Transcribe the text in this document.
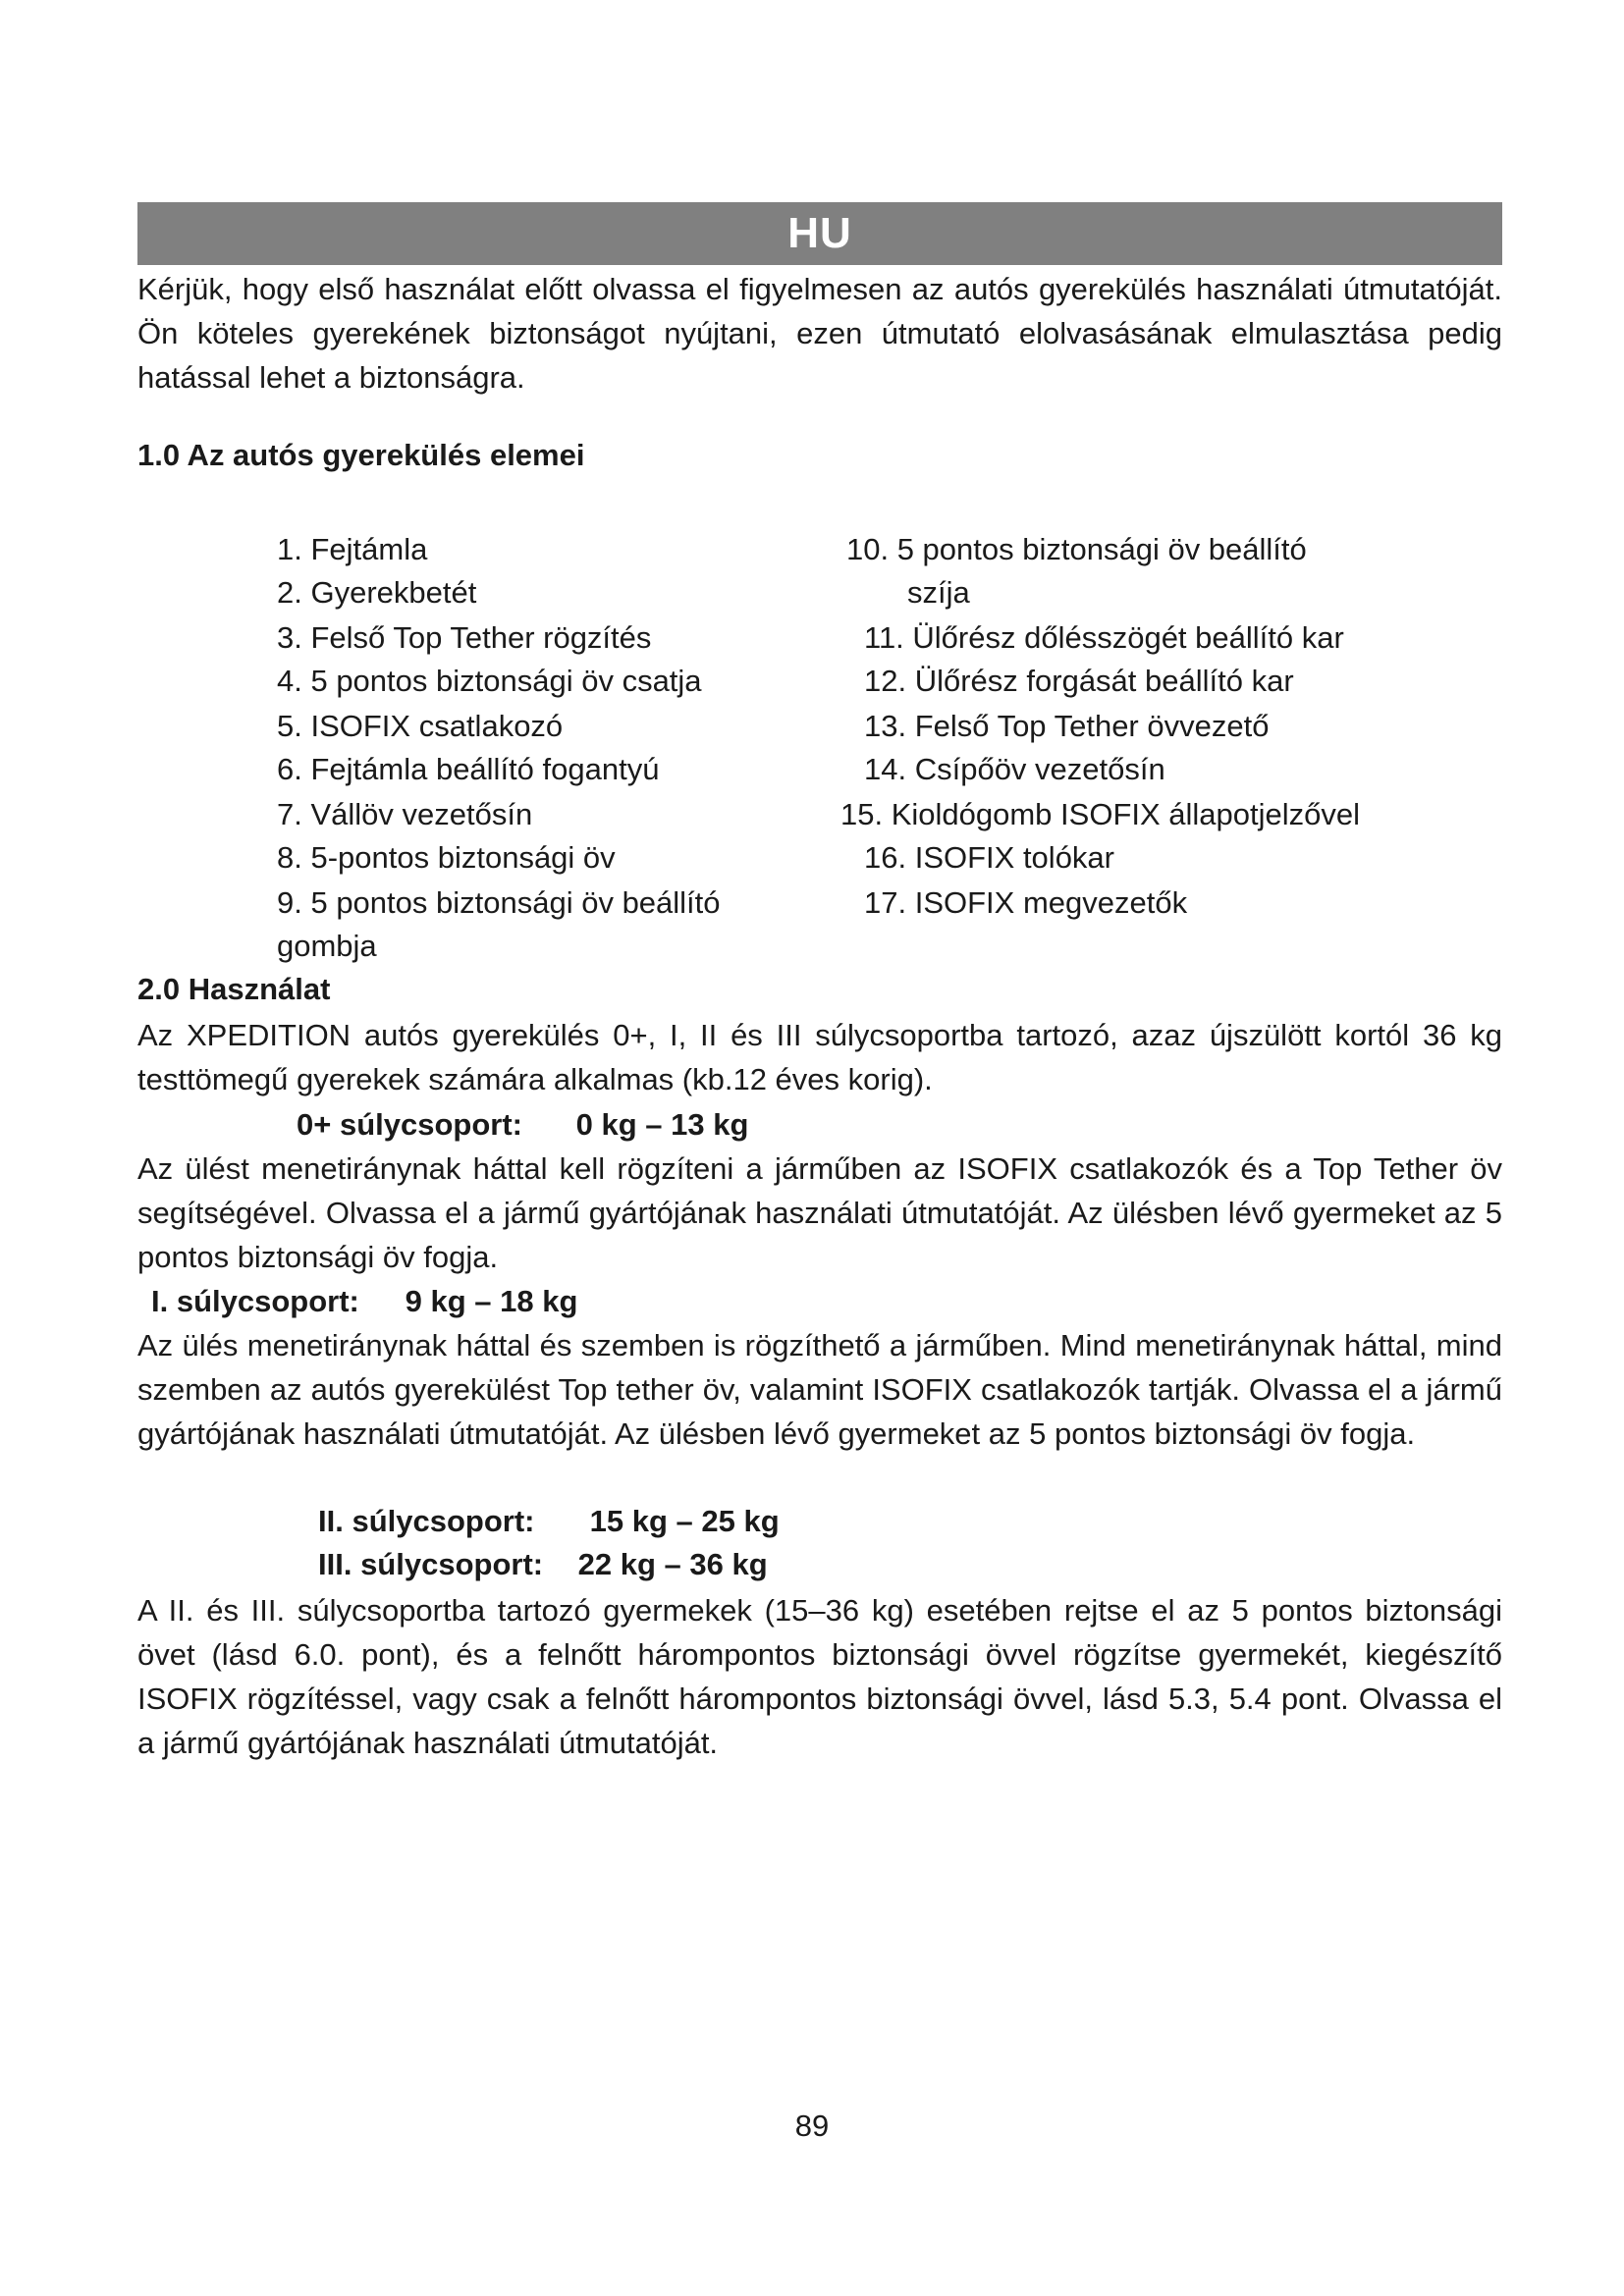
HU

Kérjük, hogy első használat előtt olvassa el figyelmesen az autós gyerekülés használati útmutatóját. Ön köteles gyerekének biztonságot nyújtani, ezen útmutató elolvasásának elmulasztása pedig hatással lehet a biztonságra.

1.0 Az autós gyerekülés elemei
1. Fejtámla
2. Gyerekbetét
3. Felső Top Tether rögzítés
4. 5 pontos biztonsági öv csatja
5. ISOFIX csatlakozó
6. Fejtámla beállító fogantyú
7. Vállöv vezetősín
8. 5-pontos biztonsági öv
9. 5 pontos biztonsági öv beállító
gombja
10. 5 pontos biztonsági öv beállító
szíja
11. Ülőrész dőlésszögét beállító kar
12. Ülőrész forgását beállító kar
13. Felső Top Tether övvezető
14. Csípőöv vezetősín
15. Kioldógomb ISOFIX állapotjelzővel
16. ISOFIX tolókar
17. ISOFIX megvezetők
2.0 Használat

Az XPEDITION autós gyerekülés 0+, I, II és III súlycsoportba tartozó, azaz újszülött kortól 36 kg testtömegű gyerekek számára alkalmas (kb.12 éves korig).

0+ súlycsoport: 0 kg – 13 kg

Az ülést menetiránynak háttal kell rögzíteni a járműben az ISOFIX csatlakozók és a Top Tether öv segítségével. Olvassa el a jármű gyártójának használati útmutatóját. Az ülésben lévő gyermeket az 5 pontos biztonsági öv fogja.

I. súlycsoport: 9 kg – 18 kg

Az ülés menetiránynak háttal és szemben is rögzíthető a járműben. Mind menetiránynak háttal, mind szemben az autós gyerekülést Top tether öv, valamint ISOFIX csatlakozók tartják. Olvassa el a jármű gyártójának használati útmutatóját. Az ülésben lévő gyermeket az 5 pontos biztonsági öv fogja.

II. súlycsoport: 15 kg – 25 kg
III. súlycsoport: 22 kg – 36 kg

A II. és III. súlycsoportba tartozó gyermekek (15–36 kg) esetében rejtse el az 5 pontos biztonsági övet (lásd 6.0. pont), és a felnőtt hárompontos biztonsági övvel rögzítse gyermekét, kiegészítő ISOFIX rögzítéssel, vagy csak a felnőtt hárompontos biztonsági övvel, lásd 5.3, 5.4 pont. Olvassa el a jármű gyártójának használati útmutatóját.

89
